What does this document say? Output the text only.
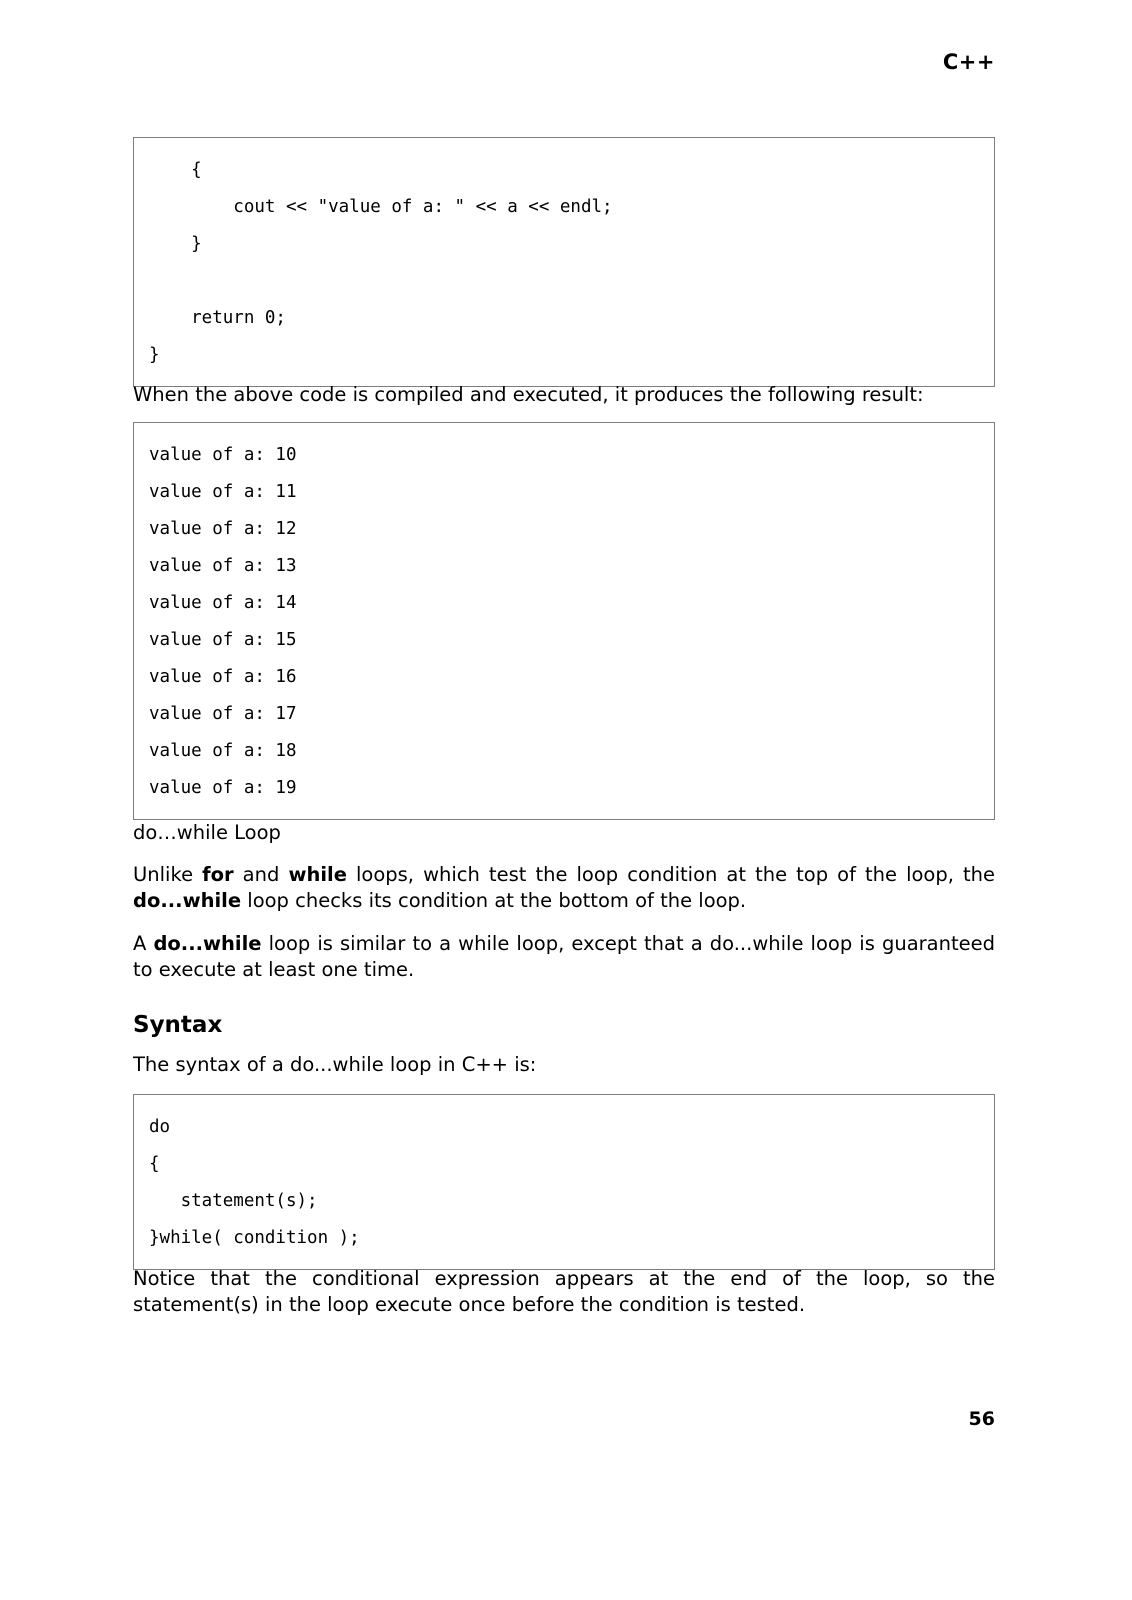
C++
{
cout << "value of a: " << a << endl;
}

return 0;
}

When the above code is compiled and executed, it produces the following result:

value of a: 10
value of a: 11
value of a: 12
value of a: 13
value of a: 14
value of a: 15
value of a: 16
value of a: 17
value of a: 18
value of a: 19

do…while Loop

Unlike for and while loops, which test the loop condition at the top of the loop, the do...while loop checks its condition at the bottom of the loop.

A do...while loop is similar to a while loop, except that a do...while loop is guaranteed to execute at least one time.

Syntax

The syntax of a do...while loop in C++ is:

do
{
statement(s);
}while( condition );

Notice that the conditional expression appears at the end of the loop, so the statement(s) in the loop execute once before the condition is tested.

56
